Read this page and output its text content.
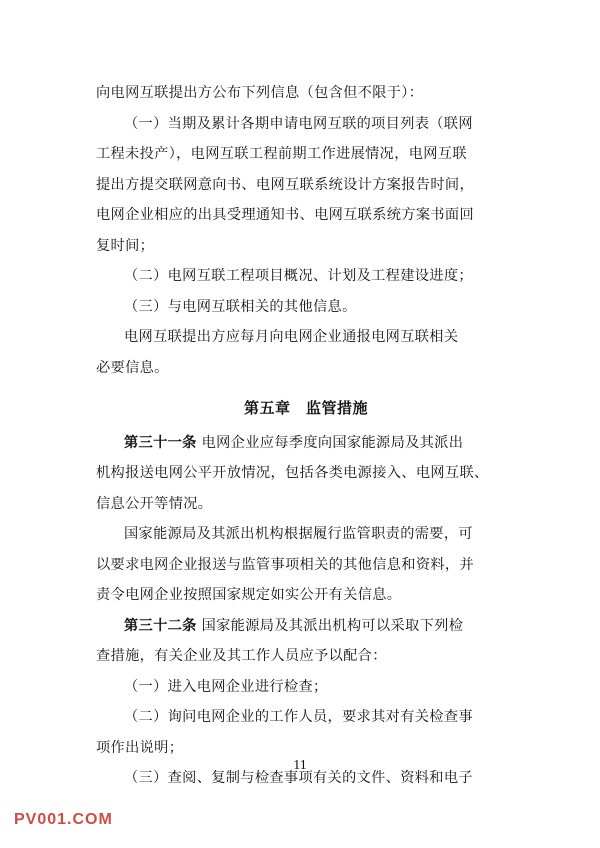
向电网互联提出方公布下列信息（包含但不限于）：
（一）当期及累计各期申请电网互联的项目列表（联网
工程未投产），电网互联工程前期工作进展情况，电网互联
提出方提交联网意向书、电网互联系统设计方案报告时间，
电网企业相应的出具受理通知书、电网互联系统方案书面回
复时间；
（二）电网互联工程项目概况、计划及工程建设进度；
（三）与电网互联相关的其他信息。
电网互联提出方应每月向电网企业通报电网互联相关
必要信息。
第五章　监管措施
第三十一条 电网企业应每季度向国家能源局及其派出
机构报送电网公平开放情况，包括各类电源接入、电网互联、
信息公开等情况。
国家能源局及其派出机构根据履行监管职责的需要，可
以要求电网企业报送与监管事项相关的其他信息和资料，并
责令电网企业按照国家规定如实公开有关信息。
第三十二条 国家能源局及其派出机构可以采取下列检
查措施，有关企业及其工作人员应予以配合：
（一）进入电网企业进行检查；
（二）询问电网企业的工作人员，要求其对有关检查事
项作出说明；
（三）查阅、复制与检查事项有关的文件、资料和电子
11
PV001.COM
